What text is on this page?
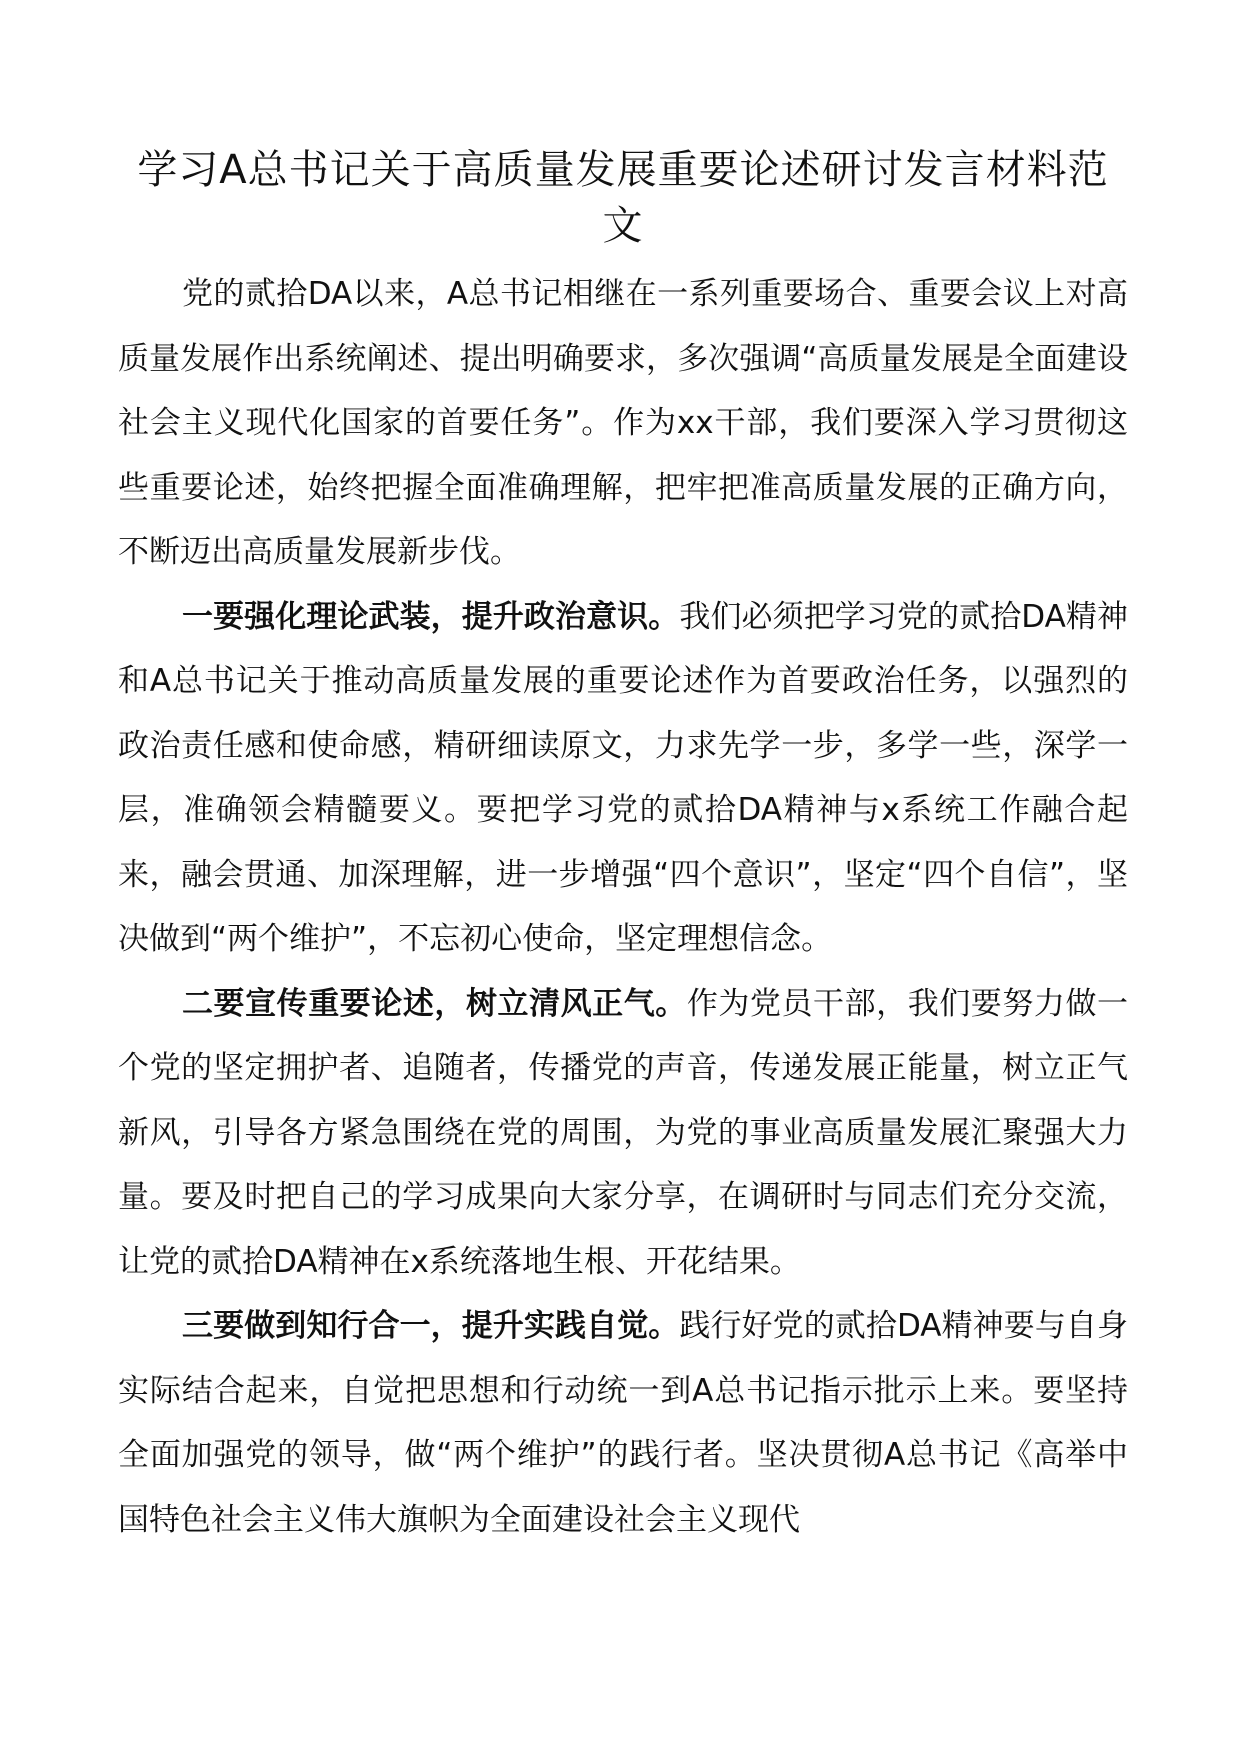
学习A总书记关于高质量发展重要论述研讨发言材料范文

党的贰拾DA以来，A总书记相继在一系列重要场合、重要会议上对高质量发展作出系统阐述、提出明确要求，多次强调“高质量发展是全面建设社会主义现代化国家的首要任务”。作为xx干部，我们要深入学习贯彻这些重要论述，始终把握全面准确理解，把牢把准高质量发展的正确方向，不断迈出高质量发展新步伐。

一要强化理论武装，提升政治意识。我们必须把学习党的贰拾DA精神和A总书记关于推动高质量发展的重要论述作为首要政治任务，以强烈的政治责任感和使命感，精研细读原文，力求先学一步，多学一些，深学一层，准确领会精髓要义。要把学习党的贰拾DA精神与x系统工作融合起来，融会贯通、加深理解，进一步增强“四个意识”，坚定“四个自信”，坚决做到“两个维护”，不忘初心使命，坚定理想信念。

二要宣传重要论述，树立清风正气。作为党员干部，我们要努力做一个党的坚定拥护者、追随者，传播党的声音，传递发展正能量，树立正气新风，引导各方紧急围绕在党的周围，为党的事业高质量发展汇聚强大力量。要及时把自己的学习成果向大家分享，在调研时与同志们充分交流，让党的贰拾DA精神在x系统落地生根、开花结果。

三要做到知行合一，提升实践自觉。践行好党的贰拾DA精神要与自身实际结合起来，自觉把思想和行动统一到A总书记指示批示上来。要坚持全面加强党的领导，做“两个维护”的践行者。坚决贯彻A总书记《高举中国特色社会主义伟大旗帜为全面建设社会主义现代
